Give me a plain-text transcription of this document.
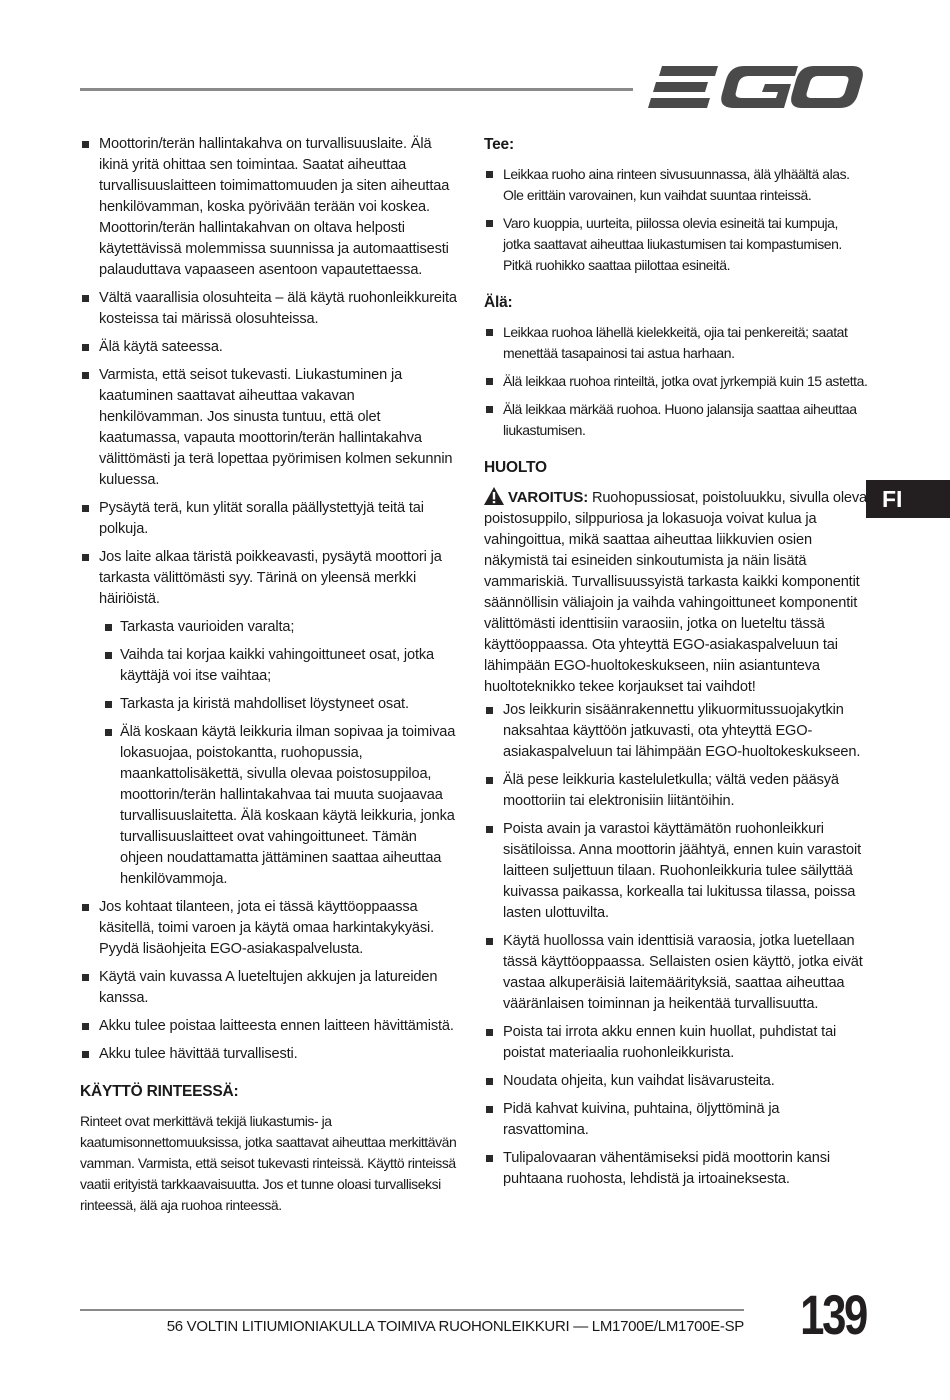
FI
Moottorin/terän hallintakahva on turvallisuuslaite. Älä ikinä yritä ohittaa sen toimintaa. Saatat aiheuttaa turvallisuuslaitteen toimimattomuuden ja siten aiheuttaa henkilövamman, koska pyörivään terään voi koskea. Moottorin/terän hallintakahvan on oltava helposti käytettävissä molemmissa suunnissa ja automaattisesti palauduttava vapaaseen asentoon vapautettaessa.
Vältä vaarallisia olosuhteita – älä käytä ruohonleikkureita kosteissa tai märissä olosuhteissa.
Älä käytä sateessa.
Varmista, että seisot tukevasti. Liukastuminen ja kaatuminen saattavat aiheuttaa vakavan henkilövamman. Jos sinusta tuntuu, että olet kaatumassa, vapauta moottorin/terän hallintakahva välittömästi ja terä lopettaa pyörimisen kolmen sekunnin kuluessa.
Pysäytä terä, kun ylität soralla päällystettyjä teitä tai polkuja.
Jos laite alkaa täristä poikkeavasti, pysäytä moottori ja tarkasta välittömästi syy. Tärinä on yleensä merkki häiriöistä.
Tarkasta vaurioiden varalta;
Vaihda tai korjaa kaikki vahingoittuneet osat, jotka käyttäjä voi itse vaihtaa;
Tarkasta ja kiristä mahdolliset löystyneet osat.
Älä koskaan käytä leikkuria ilman sopivaa ja toimivaa lokasuojaa, poistokantta, ruohopussia, maankattolisäkettä, sivulla olevaa poistosuppiloa, moottorin/terän hallintakahvaa tai muuta suojaavaa turvallisuuslaitetta. Älä koskaan käytä leikkuria, jonka turvallisuuslaitteet ovat vahingoittuneet. Tämän ohjeen noudattamatta jättäminen saattaa aiheuttaa henkilövammoja.
Jos kohtaat tilanteen, jota ei tässä käyttöoppaassa käsitellä, toimi varoen ja käytä omaa harkintakykyäsi. Pyydä lisäohjeita EGO-asiakaspalvelusta.
Käytä vain kuvassa A lueteltujen akkujen ja latureiden kanssa.
Akku tulee poistaa laitteesta ennen laitteen hävittämistä.
Akku tulee hävittää turvallisesti.
KÄYTTÖ RINTEESSÄ:

Rinteet ovat merkittävä tekijä liukastumis- ja kaatumisonnettomuuksissa, jotka saattavat aiheuttaa merkittävän vamman. Varmista, että seisot tukevasti rinteissä. Käyttö rinteissä vaatii erityistä tarkkaavaisuutta. Jos et tunne oloasi turvalliseksi rinteessä, älä aja ruohoa rinteessä.

Tee:
Leikkaa ruoho aina rinteen sivusuunnassa, älä ylhäältä alas. Ole erittäin varovainen, kun vaihdat suuntaa rinteissä.
Varo kuoppia, uurteita, piilossa olevia esineitä tai kumpuja, jotka saattavat aiheuttaa liukastumisen tai kompastumisen. Pitkä ruohikko saattaa piilottaa esineitä.
Älä:
Leikkaa ruohoa lähellä kielekkeitä, ojia tai penkereitä; saatat menettää tasapainosi tai astua harhaan.
Älä leikkaa ruohoa rinteiltä, jotka ovat jyrkempiä kuin 15 astetta.
Älä leikkaa märkää ruohoa. Huono jalansija saattaa aiheuttaa liukastumisen.
HUOLTO

VAROITUS: Ruohopussiosat, poistoluukku, sivulla oleva poistosuppilo, silppuriosa ja lokasuoja voivat kulua ja vahingoittua, mikä saattaa aiheuttaa liikkuvien osien näkymistä tai esineiden sinkoutumista ja näin lisätä vammariskiä. Turvallisuussyistä tarkasta kaikki komponentit säännöllisin väliajoin ja vaihda vahingoittuneet komponentit välittömästi identtisiin varaosiin, jotka on lueteltu tässä käyttöoppaassa. Ota yhteyttä EGO-asiakaspalveluun tai lähimpään EGO-huoltokeskukseen, niin asiantunteva huoltoteknikko tekee korjaukset tai vaihdot!

Jos leikkurin sisäänrakennettu ylikuormitussuojakytkin naksahtaa käyttöön jatkuvasti, ota yhteyttä EGO-asiakaspalveluun tai lähimpään EGO-huoltokeskukseen.
Älä pese leikkuria kasteluletkulla; vältä veden pääsyä moottoriin tai elektronisiin liitäntöihin.
Poista avain ja varastoi käyttämätön ruohonleikkuri sisätiloissa. Anna moottorin jäähtyä, ennen kuin varastoit laitteen suljettuun tilaan. Ruohonleikkuria tulee säilyttää kuivassa paikassa, korkealla tai lukitussa tilassa, poissa lasten ulottuvilta.
Käytä huollossa vain identtisiä varaosia, jotka luetellaan tässä käyttöoppaassa. Sellaisten osien käyttö, jotka eivät vastaa alkuperäisiä laitemäärityksiä, saattaa aiheuttaa vääränlaisen toiminnan ja heikentää turvallisuutta.
Poista tai irrota akku ennen kuin huollat, puhdistat tai poistat materiaalia ruohonleikkurista.
Noudata ohjeita, kun vaihdat lisävarusteita.
Pidä kahvat kuivina, puhtaina, öljyttöminä ja rasvattomina.
Tulipalovaaran vähentämiseksi pidä moottorin kansi puhtaana ruohosta, lehdistä ja irtoaineksesta.
56 VOLTIN LITIUMIONIAKULLA TOIMIVA RUOHONLEIKKURI — LM1700E/LM1700E-SP	139
